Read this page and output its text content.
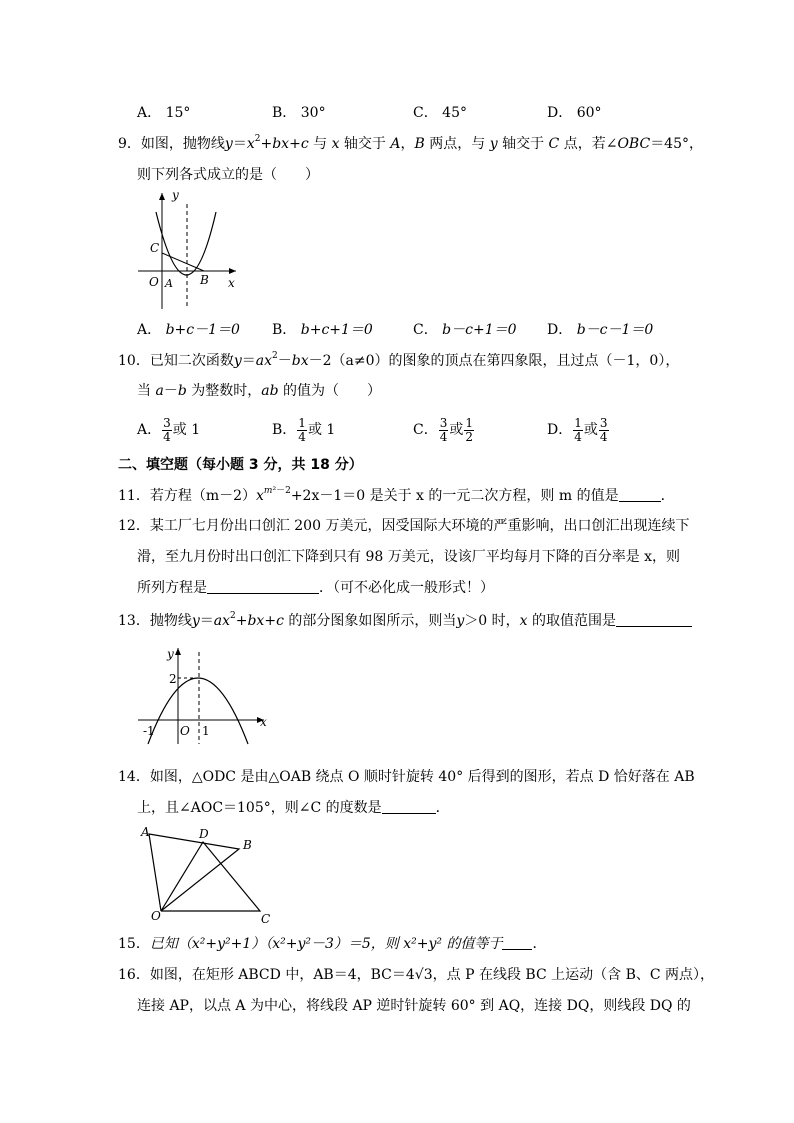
A． 15°	B． 30°	C． 45°	D． 60°
9．如图，抛物线$y=x^2+bx+c$ 与 x 轴交于 A，B 两点，与 y 轴交于 C 点，若∠OBC＝45°，
则下列各式成立的是（　　）
y
x
O A B
C
A． b+c－1＝0 B． b+c+1＝0	C． b－c+1＝0 D． b－c－1＝0
10．已知二次函数$y=ax^2-bx-2(a\ne 0)$的图象的顶点在第四象限，且过点（－1，0），
当 a－b 为整数时，ab 的值为（　　）
A． $\frac{3}{4}$ 或 1	B． $\frac{1}{4}$ 或 1	C． $\frac{3}{4}$ 或 $\frac{1}{2}$	D． $\frac{1}{4}$ 或 $\frac{3}{4}$
二、填空题（每小题 3 分，共 18 分）
11．若方程$(m-2)x^{m^2-2}+2x-1=0$ 是关于 x 的一元二次方程，则 m 的值是	．
12．某工厂七月份出口创汇 200 万美元，因受国际大环境的严重影响，出口创汇出现连续下
滑，至九月份时出口创汇下降到只有 98 万美元，设该厂平均每月下降的百分率是 x，则
所列方程是	．（可不必化成一般形式！）
13．抛物线$y=ax^2+bx+c$ 的部分图象如图所示，则当y＞0 时，x 的取值范围是
y
x
O
2
-1	1
14．如图，△ODC 是由△OAB 绕点 O 顺时针旋转 40° 后得到的图形，若点 D 恰好落在 AB
上，且∠AOC＝105°，则∠C 的度数是	．
A	D
B
C
O
15．已知（x²+y²+1）（x²+y²－3）＝5，则 x²+y² 的值等于 ．
16．如图，在矩形 ABCD 中，AB＝4，BC＝4√3，点 P 在线段 BC 上运动（含 B、C 两点），
连接 AP，以点 A 为中心，将线段 AP 逆时针旋转 60° 到 AQ，连接 DQ，则线段 DQ 的
